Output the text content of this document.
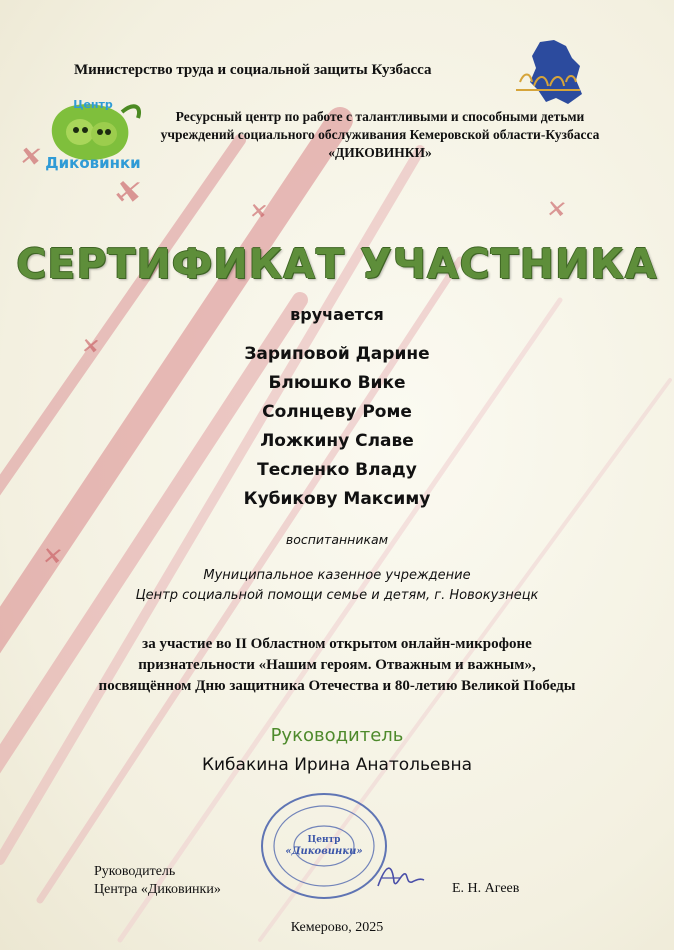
Центр
Диковинки
Министерство труда и социальной защиты Кузбасса
Ресурсный центр по работе с талантливыми и способными детьми
учреждений социального обслуживания Кемеровской области-Кузбасса
«ДИКОВИНКИ»
СЕРТИФИКАТ УЧАСТНИКА
вручается
Зариповой Дарине
Блюшко Вике
Солнцеву Роме
Ложкину Славе
Тесленко Владу
Кубикову Максиму
воспитанникам
Муниципальное казенное учреждение
Центр социальной помощи семье и детям, г. Новокузнецк
за участие во II Областном открытом онлайн-микрофоне
признательности «Нашим героям. Отважным и важным»,
посвящённом Дню защитника Отечества и 80-летию Великой Победы
Руководитель
Кибакина Ирина Анатольевна
Центр
«Диковинки»
Руководитель
Центра «Диковинки»	Е. Н. Агеев
Кемерово, 2025
